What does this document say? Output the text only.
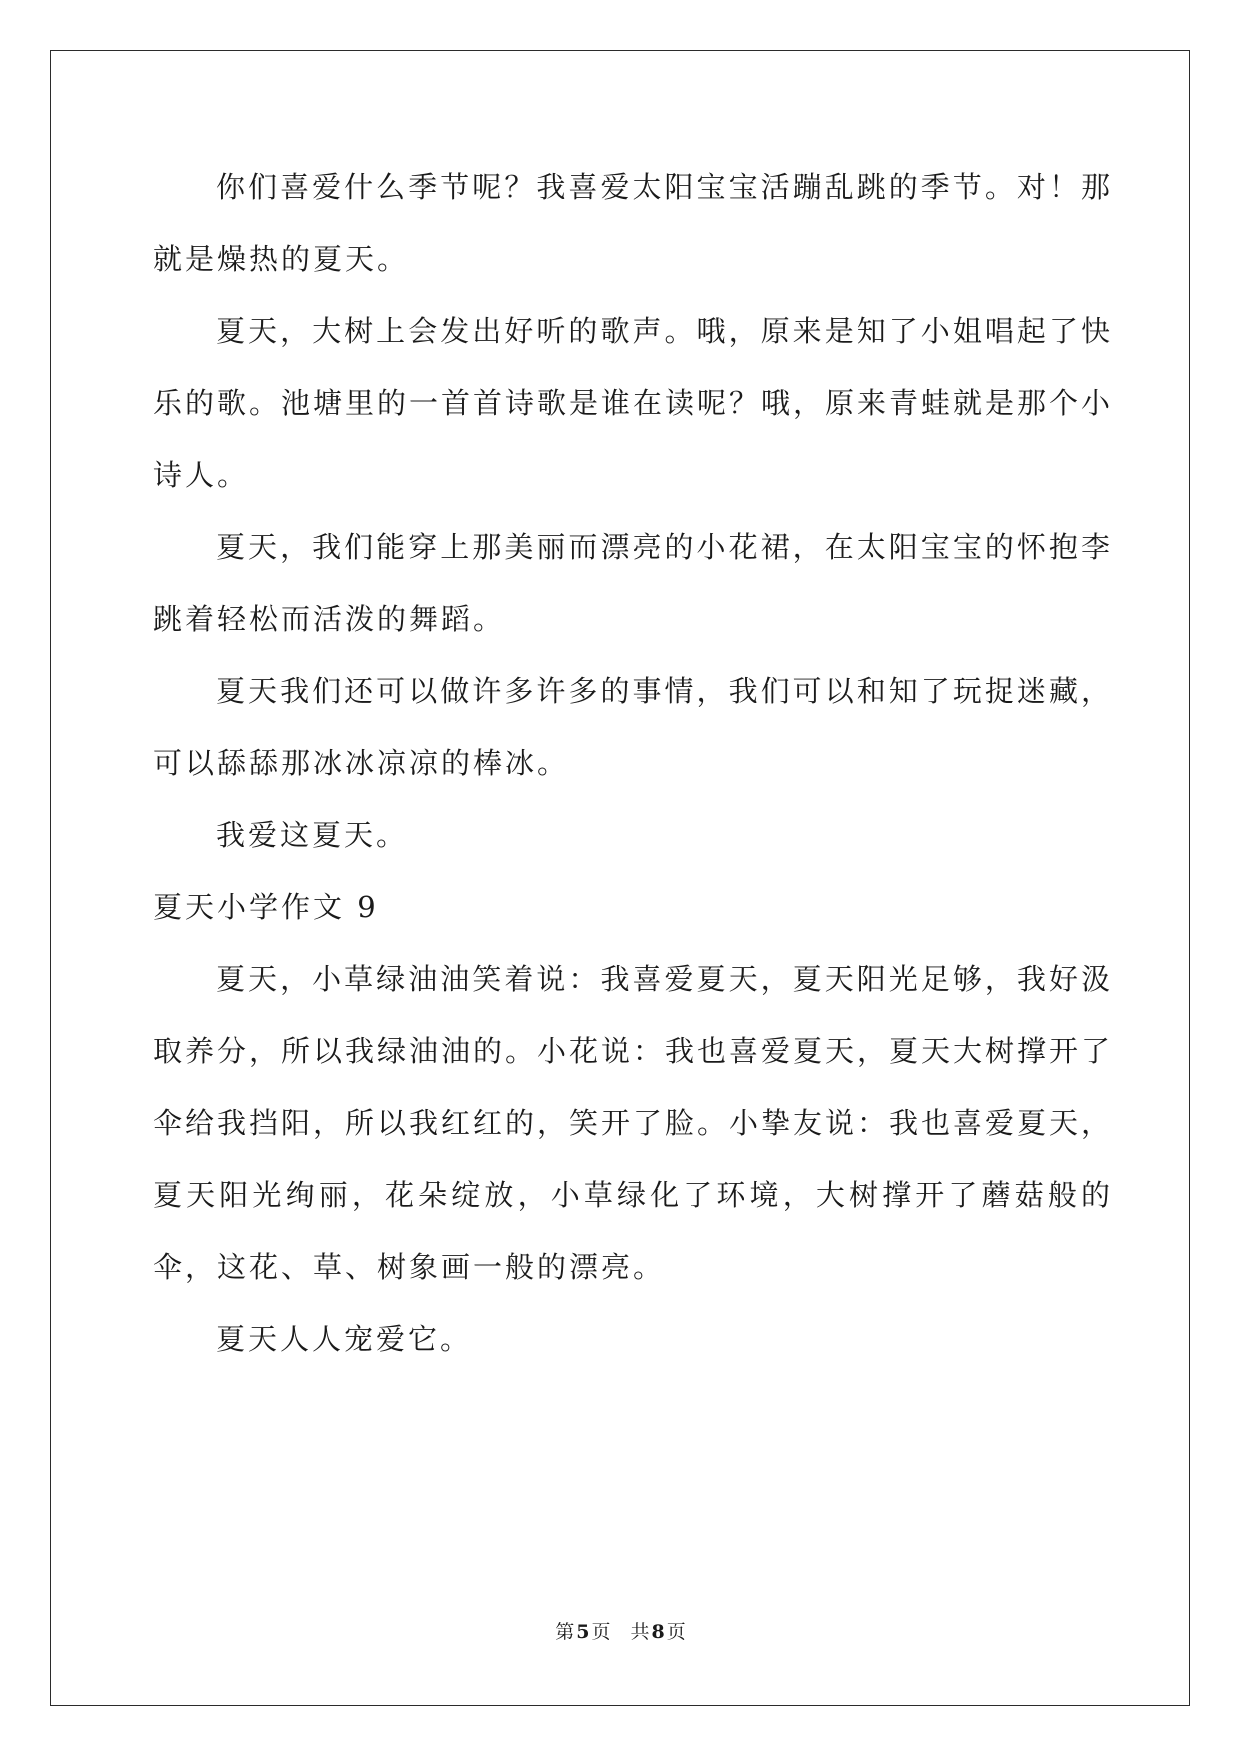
你们喜爱什么季节呢？我喜爱太阳宝宝活蹦乱跳的季节。对！那就是燥热的夏天。

夏天，大树上会发出好听的歌声。哦，原来是知了小姐唱起了快乐的歌。池塘里的一首首诗歌是谁在读呢？哦，原来青蛙就是那个小诗人。

夏天，我们能穿上那美丽而漂亮的小花裙，在太阳宝宝的怀抱李跳着轻松而活泼的舞蹈。

夏天我们还可以做许多许多的事情，我们可以和知了玩捉迷藏，可以舔舔那冰冰凉凉的棒冰。

我爱这夏天。

夏天小学作文 9

夏天，小草绿油油笑着说：我喜爱夏天，夏天阳光足够，我好汲取养分，所以我绿油油的。小花说：我也喜爱夏天，夏天大树撑开了伞给我挡阳，所以我红红的，笑开了脸。小挚友说：我也喜爱夏天，夏天阳光绚丽，花朵绽放，小草绿化了环境，大树撑开了蘑菇般的伞，这花、草、树象画一般的漂亮。

夏天人人宠爱它。

第 5 页 共 8 页
